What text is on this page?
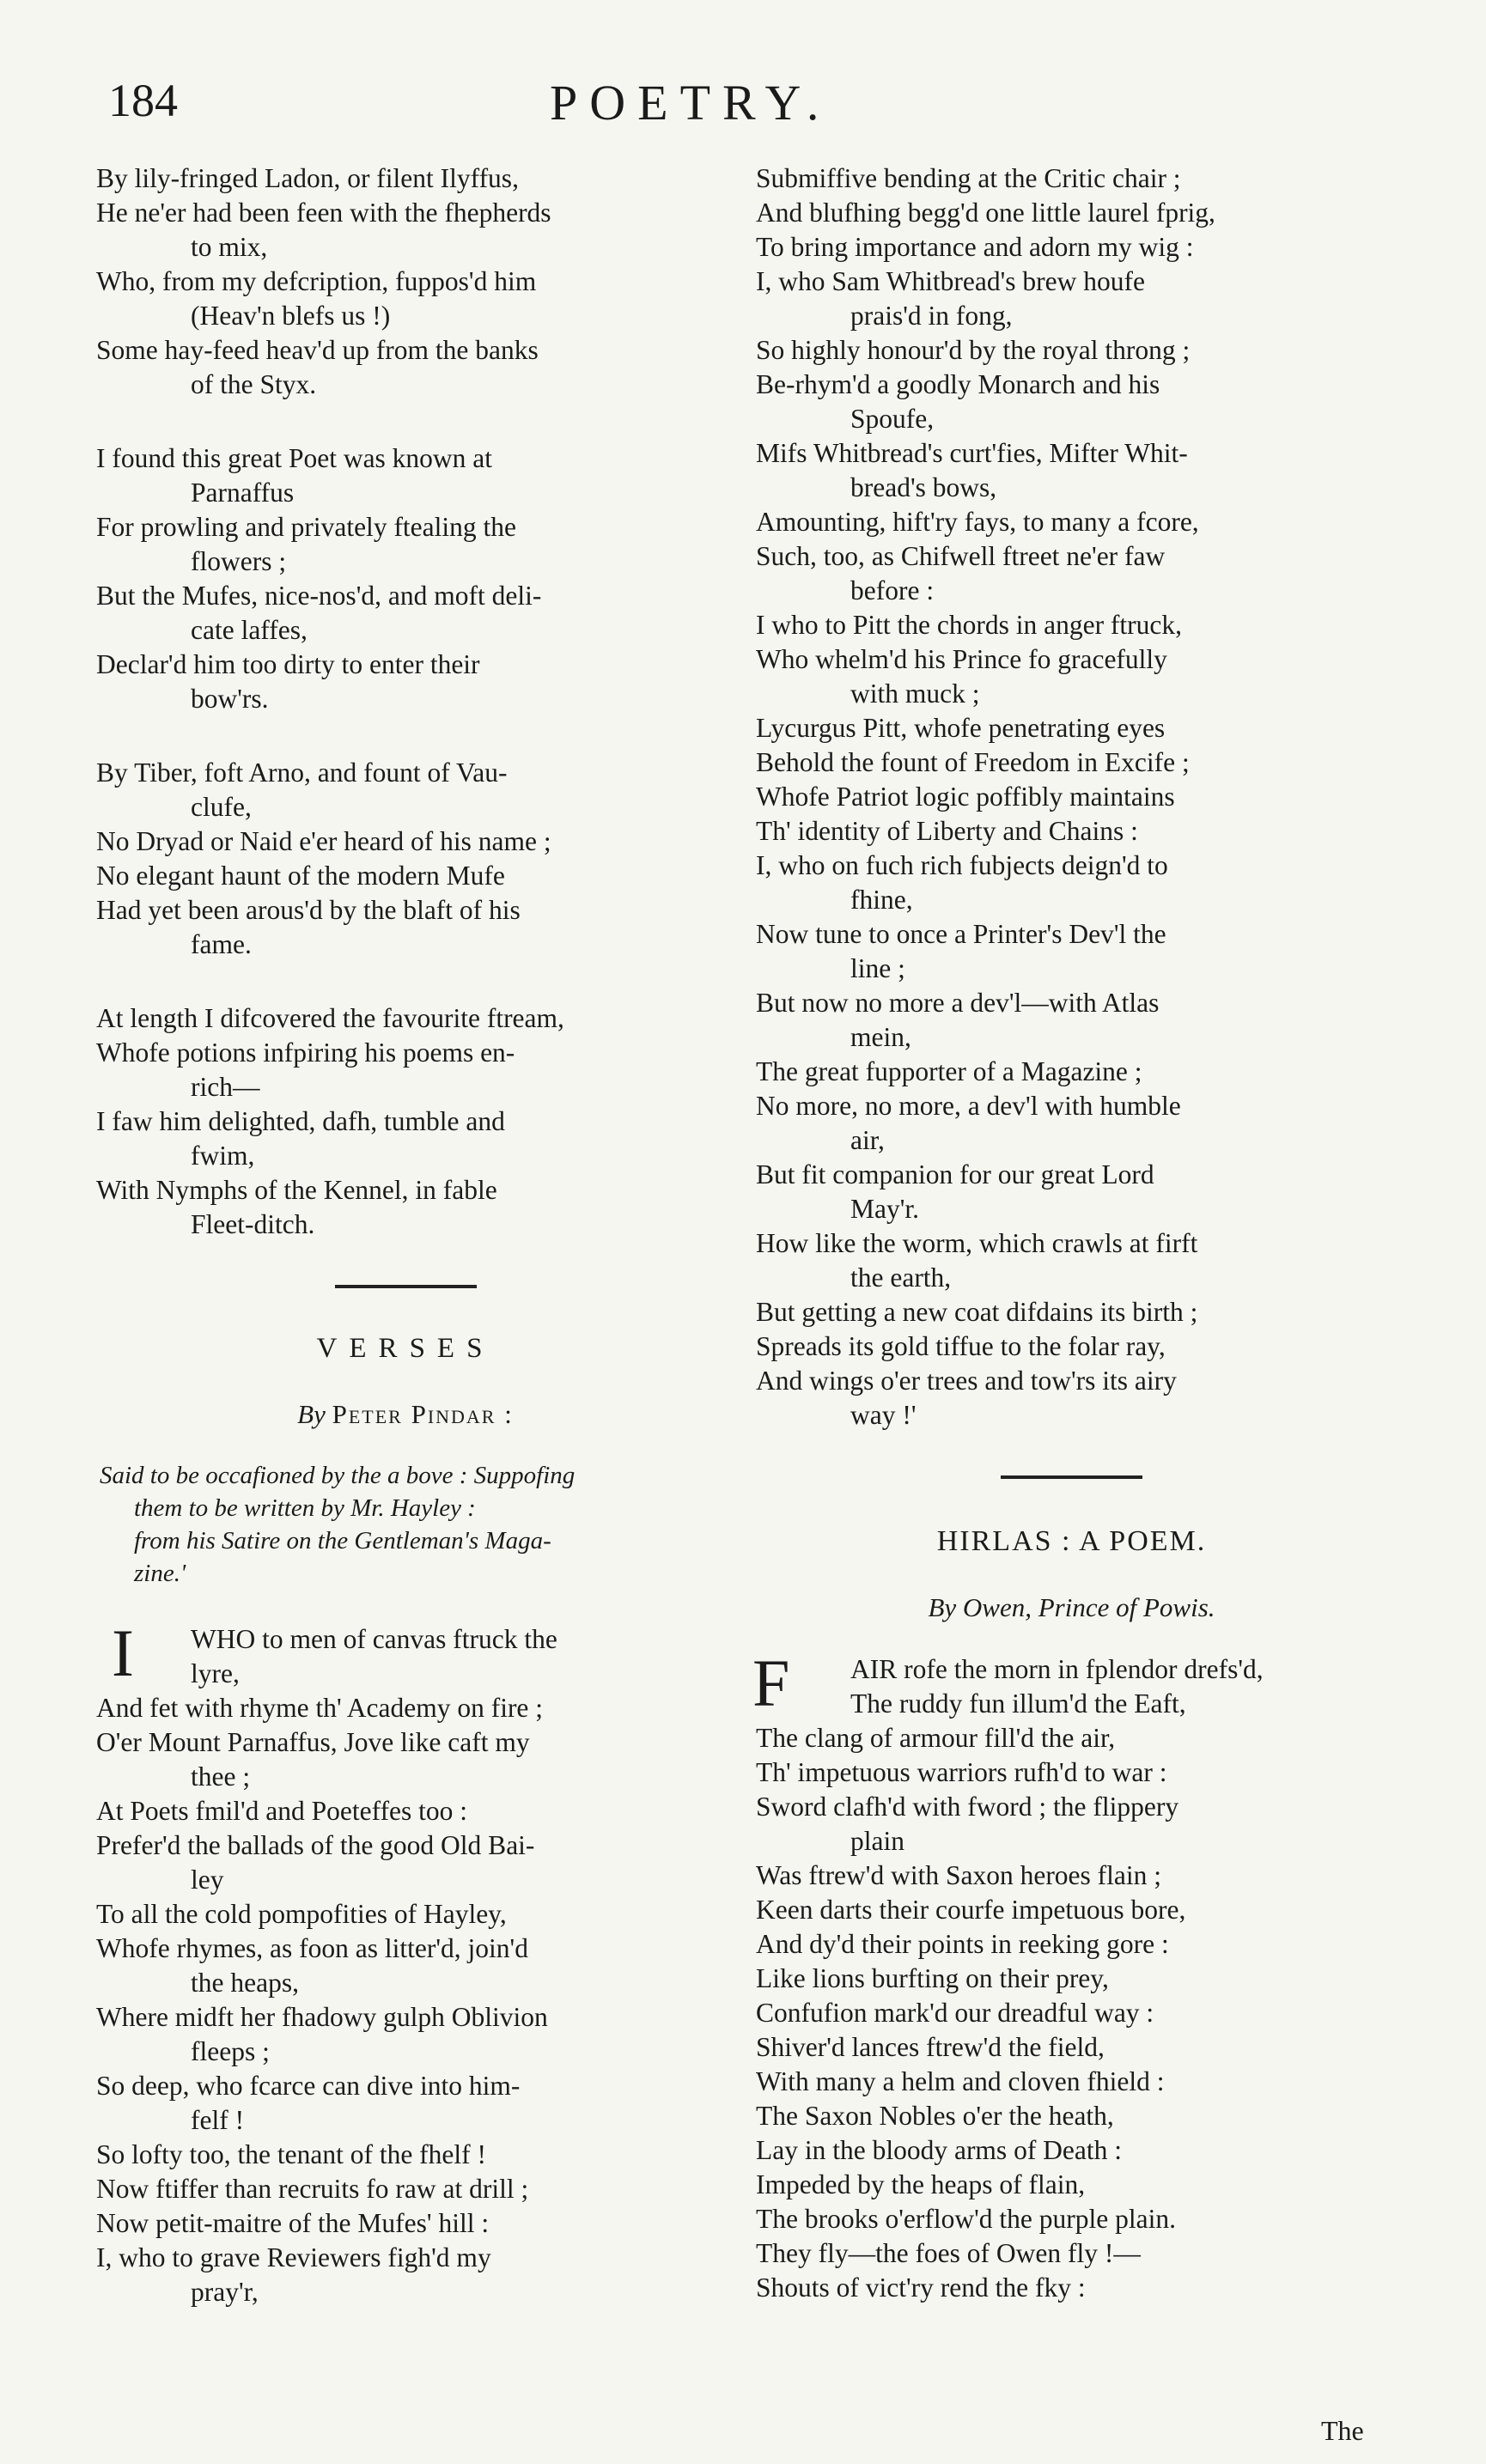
184	POETRY.
By lily-fringed Ladon, or filent Ilyffus,
He ne'er had been feen with the fhepherds
to mix,
Who, from my defcription, fuppos'd him
(Heav'n blefs us !)
Some hay-feed heav'd up from the banks
of the Styx.
I found this great Poet was known at
Parnaffus
For prowling and privately ftealing the
flowers ;
But the Mufes, nice-nos'd, and moft deli-
cate laffes,
Declar'd him too dirty to enter their
bow'rs.
By Tiber, foft Arno, and fount of Vau-
clufe,
No Dryad or Naid e'er heard of his name ;
No elegant haunt of the modern Mufe
Had yet been arous'd by the blaft of his
fame.
At length I difcovered the favourite ftream,
Whofe potions infpiring his poems en-
rich—
I faw him delighted, dafh, tumble and
fwim,
With Nymphs of the Kennel, in fable
Fleet-ditch.
VERSES
By Peter Pindar :
Said to be occafioned by the a bove : Suppofing
them to be written by Mr. Hayley :
from his Satire on the Gentleman's Maga-
zine.'
I	WHO to men of canvas ftruck the
lyre,
And fet with rhyme th' Academy on fire ;
O'er Mount Parnaffus, Jove like caft my
thee ;
At Poets fmil'd and Poeteffes too :
Prefer'd the ballads of the good Old Bai-
ley
To all the cold pompofities of Hayley,
Whofe rhymes, as foon as litter'd, join'd
the heaps,
Where midft her fhadowy gulph Oblivion
fleeps ;
So deep, who fcarce can dive into him-
felf !
So lofty too, the tenant of the fhelf !
Now ftiffer than recruits fo raw at drill ;
Now petit-maitre of the Mufes' hill :
I, who to grave Reviewers figh'd my
pray'r,
Submiffive bending at the Critic chair ;
And blufhing begg'd one little laurel fprig,
To bring importance and adorn my wig :
I, who Sam Whitbread's brew houfe
prais'd in fong,
So highly honour'd by the royal throng ;
Be-rhym'd a goodly Monarch and his
Spoufe,
Mifs Whitbread's curt'fies, Mifter Whit-
bread's bows,
Amounting, hift'ry fays, to many a fcore,
Such, too, as Chifwell ftreet ne'er faw
before :
I who to Pitt the chords in anger ftruck,
Who whelm'd his Prince fo gracefully
with muck ;
Lycurgus Pitt, whofe penetrating eyes
Behold the fount of Freedom in Excife ;
Whofe Patriot logic poffibly maintains
Th' identity of Liberty and Chains :
I, who on fuch rich fubjects deign'd to
fhine,
Now tune to once a Printer's Dev'l the
line ;
But now no more a dev'l—with Atlas
mein,
The great fupporter of a Magazine ;
No more, no more, a dev'l with humble
air,
But fit companion for our great Lord
May'r.
How like the worm, which crawls at firft
the earth,
But getting a new coat difdains its birth ;
Spreads its gold tiffue to the folar ray,
And wings o'er trees and tow'rs its airy
way !'
HIRLAS : A POEM.
By Owen, Prince of Powis.
F	AIR rofe the morn in fplendor drefs'd,
The ruddy fun illum'd the Eaft,
The clang of armour fill'd the air,
Th' impetuous warriors rufh'd to war :
Sword clafh'd with fword ; the flippery
plain
Was ftrew'd with Saxon heroes flain ;
Keen darts their courfe impetuous bore,
And dy'd their points in reeking gore :
Like lions burfting on their prey,
Confufion mark'd our dreadful way :
Shiver'd lances ftrew'd the field,
With many a helm and cloven fhield :
The Saxon Nobles o'er the heath,
Lay in the bloody arms of Death :
Impeded by the heaps of flain,
The brooks o'erflow'd the purple plain.
They fly—the foes of Owen fly !—
Shouts of vict'ry rend the fky :
The
